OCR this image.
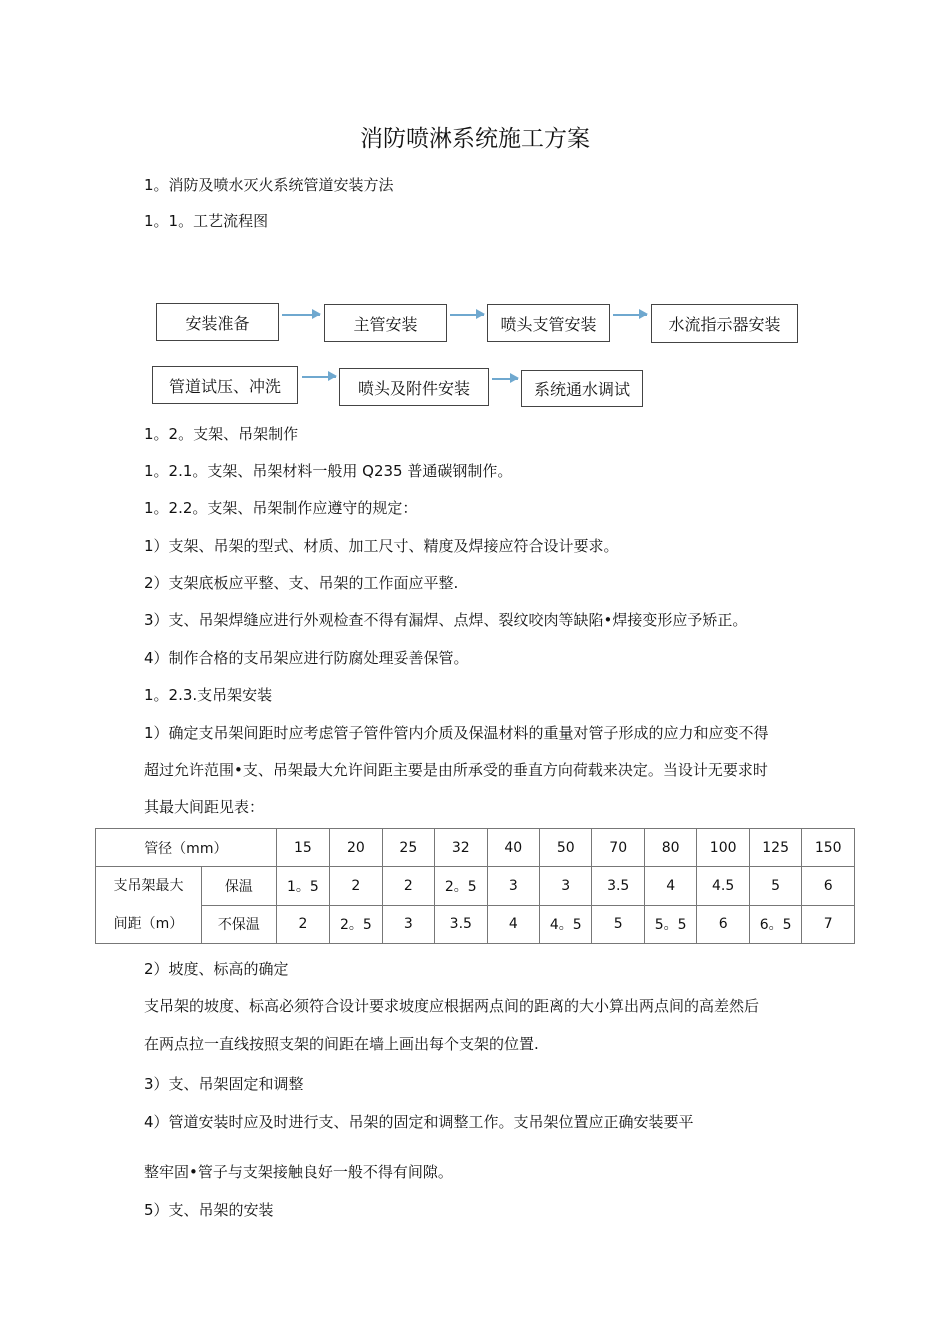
消防喷淋系统施工方案
1。消防及喷水灭火系统管道安装方法
1。1。工艺流程图
安装准备	主管安装	喷头支管安装	水流指示器安装
管道试压、冲洗	喷头及附件安装	系统通水调试
1。2。支架、吊架制作
1。2.1。支架、吊架材料一般用 Q235 普通碳钢制作。
1。2.2。支架、吊架制作应遵守的规定：
1）支架、吊架的型式、材质、加工尺寸、精度及焊接应符合设计要求。
2）支架底板应平整、支、吊架的工作面应平整.
3）支、吊架焊缝应进行外观检查不得有漏焊、点焊、裂纹咬肉等缺陷•焊接变形应予矫正。
4）制作合格的支吊架应进行防腐处理妥善保管。
1。2.3.支吊架安装
1）确定支吊架间距时应考虑管子管件管内介质及保温材料的重量对管子形成的应力和应变不得
超过允许范围•支、吊架最大允许间距主要是由所承受的垂直方向荷载来决定。当设计无要求时
其最大间距见表：
管径（mm）		15	20	25	32	40	50	70	80	100	125	150

支吊架最大
间距（m）	保温	1。5	2	2	2。5	3	3	3.5	4	4.5	5	6
	不保温	2	2。5	3	3.5	4	4。5	5	5。5	6	6。5	7
2）坡度、标高的确定
支吊架的坡度、标高必须符合设计要求坡度应根据两点间的距离的大小算出两点间的高差然后
在两点拉一直线按照支架的间距在墙上画出每个支架的位置.
3）支、吊架固定和调整
4）管道安装时应及时进行支、吊架的固定和调整工作。支吊架位置应正确安装要平
整牢固•管子与支架接触良好一般不得有间隙。
5）支、吊架的安装
